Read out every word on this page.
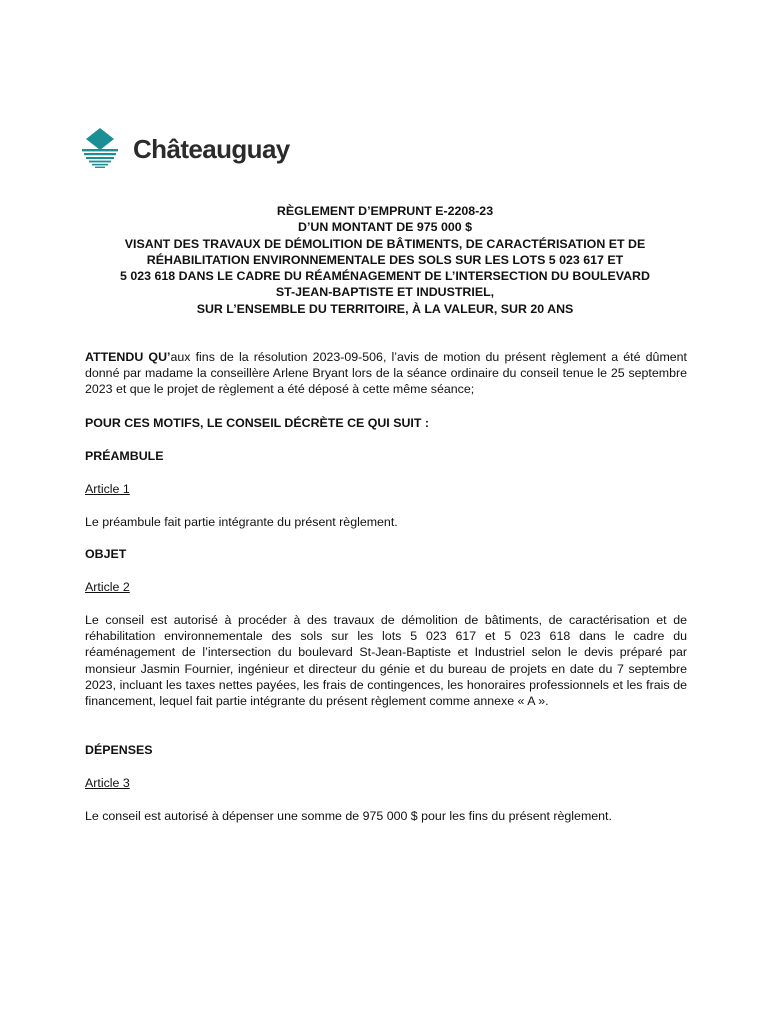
Châteauguay
RÈGLEMENT D’EMPRUNT E-2208-23
D’UN MONTANT DE 975 000 $
VISANT DES TRAVAUX DE DÉMOLITION DE BÂTIMENTS, DE CARACTÉRISATION ET DE
RÉHABILITATION ENVIRONNEMENTALE DES SOLS SUR LES LOTS 5 023 617 ET
5 023 618 DANS LE CADRE DU RÉAMÉNAGEMENT DE L’INTERSECTION DU BOULEVARD
ST-JEAN-BAPTISTE ET INDUSTRIEL,
SUR L’ENSEMBLE DU TERRITOIRE, À LA VALEUR, SUR 20 ANS
ATTENDU QU’aux fins de la résolution 2023-09-506, l’avis de motion du présent règlement a été dûment donné par madame la conseillère Arlene Bryant lors de la séance ordinaire du conseil tenue le 25 septembre 2023 et que le projet de règlement a été déposé à cette même séance;
POUR CES MOTIFS, LE CONSEIL DÉCRÈTE CE QUI SUIT :
PRÉAMBULE
Article 1
Le préambule fait partie intégrante du présent règlement.
OBJET
Article 2
Le conseil est autorisé à procéder à des travaux de démolition de bâtiments, de caractérisation et de réhabilitation environnementale des sols sur les lots 5 023 617 et 5 023 618 dans le cadre du réaménagement de l’intersection du boulevard St-Jean-Baptiste et Industriel selon le devis préparé par monsieur Jasmin Fournier, ingénieur et directeur du génie et du bureau de projets en date du 7 septembre 2023, incluant les taxes nettes payées, les frais de contingences, les honoraires professionnels et les frais de financement, lequel fait partie intégrante du présent règlement comme annexe « A ».
DÉPENSES
Article 3
Le conseil est autorisé à dépenser une somme de 975 000 $ pour les fins du présent règlement.
